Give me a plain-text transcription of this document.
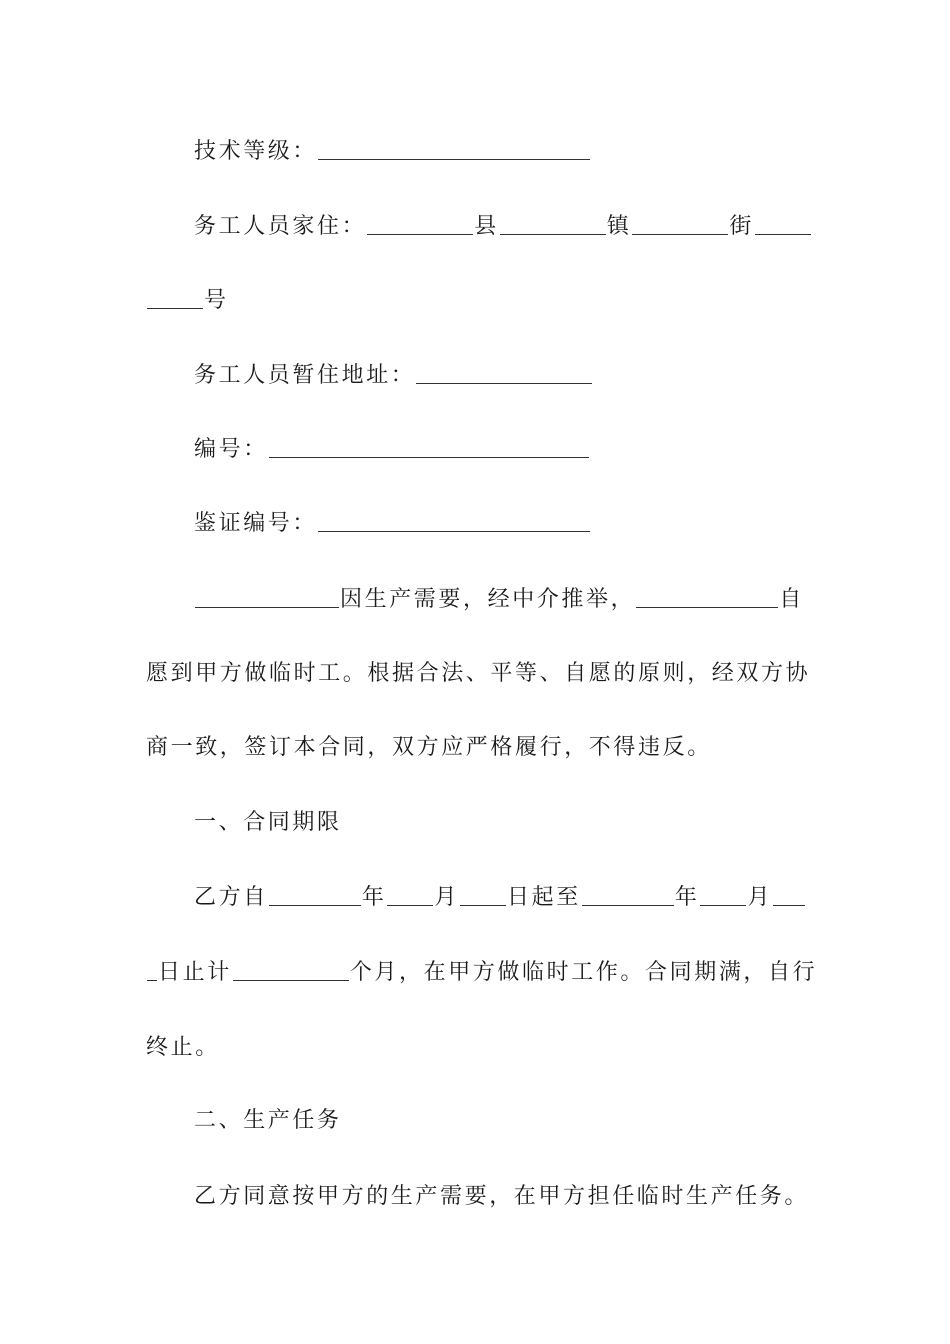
技术等级：
务工人员家住：	县	镇	街
号
务工人员暂住地址：
编号：
鉴证编号：
因生产需要，经中介推举，	自
愿到甲方做临时工。根据合法、平等、自愿的原则，经双方协
商一致，签订本合同，双方应严格履行，不得违反。
一、合同期限
乙方自	年 月 日起至	年 月
日止计	个月，在甲方做临时工作。合同期满，自行
终止。
二、生产任务
乙方同意按甲方的生产需要，在甲方担任临时生产任务。
